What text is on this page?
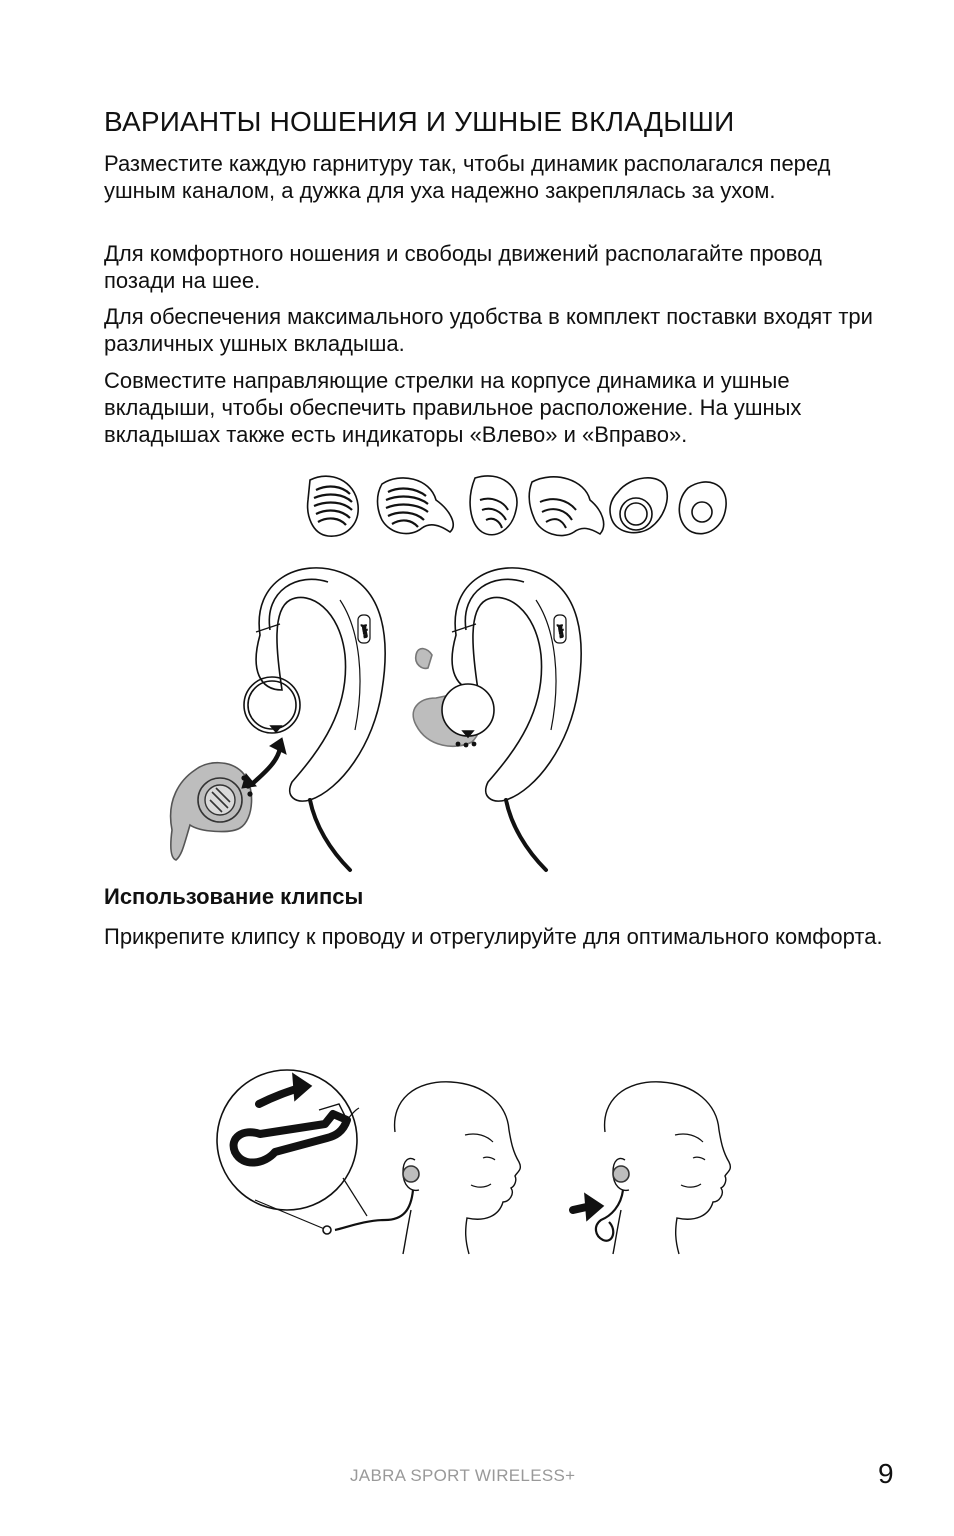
ВАРИАНТЫ НОШЕНИЯ И УШНЫЕ ВКЛАДЫШИ

Разместите каждую гарнитуру так, чтобы динамик располагался перед ушным каналом, а дужка для уха надежно закреплялась за ухом.

Для комфортного ношения и свободы движений располагайте провод позади на шее.

Для обеспечения максимального удобства в комплект поставки входят три различных ушных вкладыша.

Совместите направляющие стрелки на корпусе динамика и ушные вкладыши, чтобы обеспечить правильное расположение. На ушных вкладышах также есть индикаторы «Влево» и «Вправо».

Jabra	Jabra
Использование клипсы

Прикрепите клипсу к проводу и отрегулируйте для оптимального комфорта.

JABRA SPORT WIRELESS+	9
